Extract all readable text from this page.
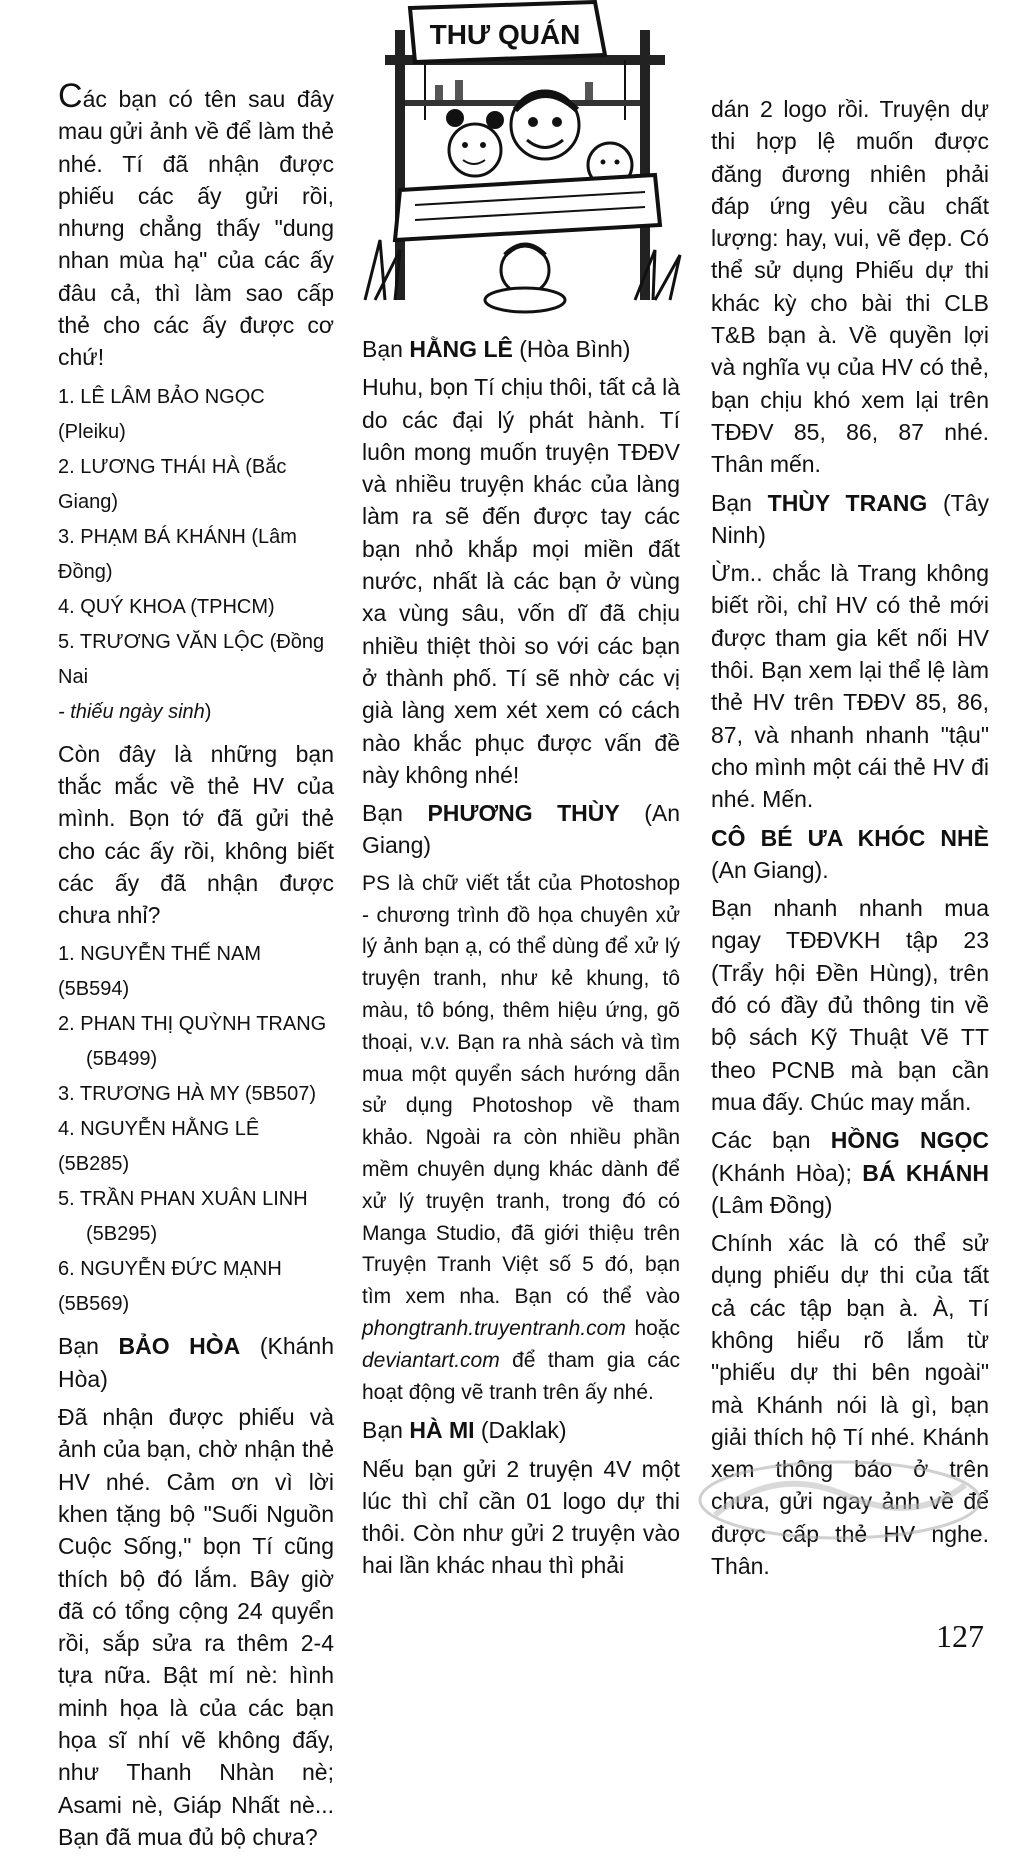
THƯ QUÁN

Các bạn có tên sau đây mau gửi ảnh về để làm thẻ nhé. Tí đã nhận được phiếu các ấy gửi rồi, nhưng chẳng thấy "dung nhan mùa hạ" của các ấy đâu cả, thì làm sao cấp thẻ cho các ấy được cơ chứ!

1. LÊ LÂM BẢO NGỌC (Pleiku)
2. LƯƠNG THÁI HÀ (Bắc Giang)
3. PHẠM BÁ KHÁNH (Lâm Đồng)
4. QUÝ KHOA (TPHCM)
5. TRƯƠNG VĂN LỘC (Đồng Nai
- thiếu ngày sinh)

Còn đây là những bạn thắc mắc về thẻ HV của mình. Bọn tớ đã gửi thẻ cho các ấy rồi, không biết các ấy đã nhận được chưa nhỉ?

1. NGUYỄN THẾ NAM (5B594)
2. PHAN THỊ QUỲNH TRANG
(5B499)
3. TRƯƠNG HÀ MY (5B507)
4. NGUYỄN HẰNG LÊ (5B285)
5. TRẦN PHAN XUÂN LINH
(5B295)
6. NGUYỄN ĐỨC MẠNH (5B569)

Bạn BẢO HÒA (Khánh Hòa)

Đã nhận được phiếu và ảnh của bạn, chờ nhận thẻ HV nhé. Cảm ơn vì lời khen tặng bộ "Suối Nguồn Cuộc Sống," bọn Tí cũng thích bộ đó lắm. Bây giờ đã có tổng cộng 24 quyển rồi, sắp sửa ra thêm 2-4 tựa nữa. Bật mí nè: hình minh họa là của các bạn họa sĩ nhí vẽ không đấy, như Thanh Nhàn nè; Asami nè, Giáp Nhất nè... Bạn đã mua đủ bộ chưa?

Bạn HẰNG LÊ (Hòa Bình)

Huhu, bọn Tí chịu thôi, tất cả là do các đại lý phát hành. Tí luôn mong muốn truyện TĐĐV và nhiều truyện khác của làng làm ra sẽ đến được tay các bạn nhỏ khắp mọi miền đất nước, nhất là các bạn ở vùng xa vùng sâu, vốn dĩ đã chịu nhiều thiệt thòi so với các bạn ở thành phố. Tí sẽ nhờ các vị già làng xem xét xem có cách nào khắc phục được vấn đề này không nhé!

Bạn PHƯƠNG THÙY (An Giang)

PS là chữ viết tắt của Photoshop - chương trình đồ họa chuyên xử lý ảnh bạn ạ, có thể dùng để xử lý truyện tranh, như kẻ khung, tô màu, tô bóng, thêm hiệu ứng, gõ thoại, v.v. Bạn ra nhà sách và tìm mua một quyển sách hướng dẫn sử dụng Photoshop về tham khảo. Ngoài ra còn nhiều phần mềm chuyên dụng khác dành để xử lý truyện tranh, trong đó có Manga Studio, đã giới thiệu trên Truyện Tranh Việt số 5 đó, bạn tìm xem nha. Bạn có thể vào phongtranh.truyentranh.com hoặc deviantart.com để tham gia các hoạt động vẽ tranh trên ấy nhé.

Bạn HÀ MI (Daklak)

Nếu bạn gửi 2 truyện 4V một lúc thì chỉ cần 01 logo dự thi thôi. Còn như gửi 2 truyện vào hai lần khác nhau thì phải

dán 2 logo rồi. Truyện dự thi hợp lệ muốn được đăng đương nhiên phải đáp ứng yêu cầu chất lượng: hay, vui, vẽ đẹp. Có thể sử dụng Phiếu dự thi khác kỳ cho bài thi CLB T&B bạn à. Về quyền lợi và nghĩa vụ của HV có thẻ, bạn chịu khó xem lại trên TĐĐV 85, 86, 87 nhé. Thân mến.

Bạn THÙY TRANG (Tây Ninh)

Ừm.. chắc là Trang không biết rồi, chỉ HV có thẻ mới được tham gia kết nối HV thôi. Bạn xem lại thể lệ làm thẻ HV trên TĐĐV 85, 86, 87, và nhanh nhanh "tậu" cho mình một cái thẻ HV đi nhé. Mến.

CÔ BÉ ƯA KHÓC NHÈ (An Giang).

Bạn nhanh nhanh mua ngay TĐĐVKH tập 23 (Trẩy hội Đền Hùng), trên đó có đầy đủ thông tin về bộ sách Kỹ Thuật Vẽ TT theo PCNB mà bạn cần mua đấy. Chúc may mắn.

Các bạn HỒNG NGỌC (Khánh Hòa); BÁ KHÁNH (Lâm Đồng)

Chính xác là có thể sử dụng phiếu dự thi của tất cả các tập bạn à. À, Tí không hiểu rõ lắm từ "phiếu dự thi bên ngoài" mà Khánh nói là gì, bạn giải thích hộ Tí nhé. Khánh xem thông báo ở trên chưa, gửi ngay ảnh về để được cấp thẻ HV nghe. Thân.

127
